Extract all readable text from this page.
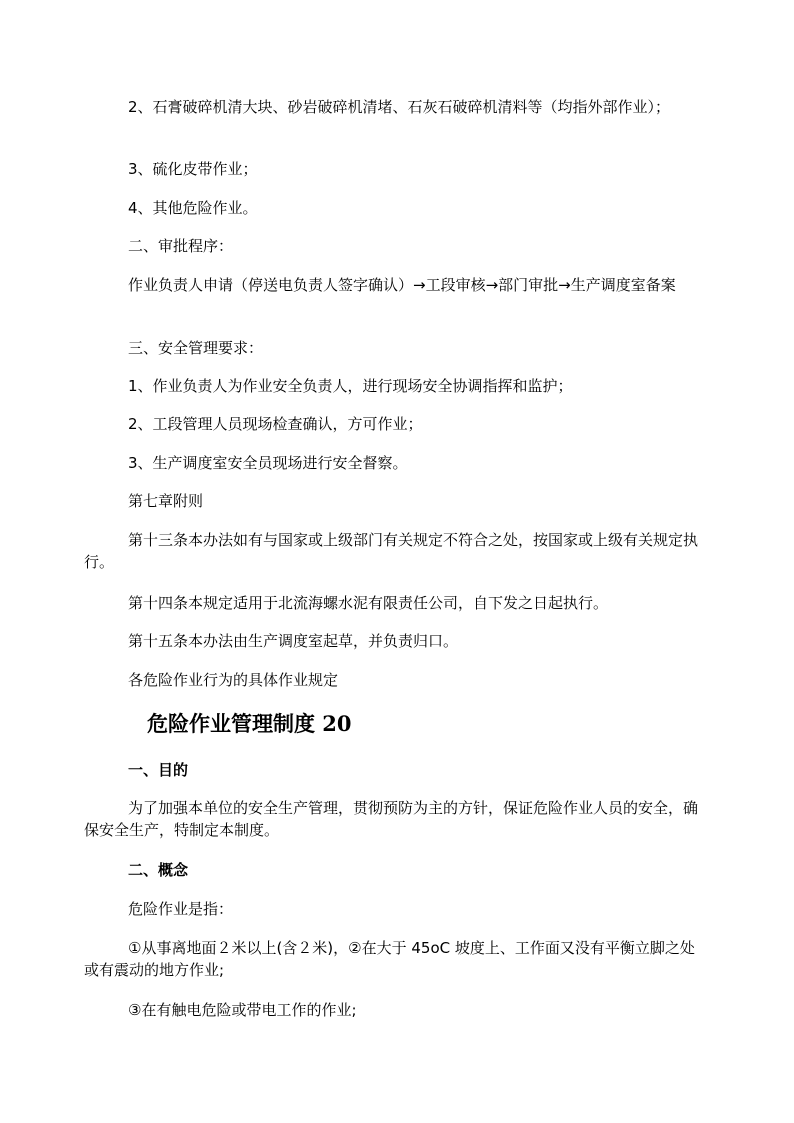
2、石膏破碎机清大块、砂岩破碎机清堵、石灰石破碎机清料等（均指外部作业）；

3、硫化皮带作业；

4、其他危险作业。

二、审批程序：

作业负责人申请（停送电负责人签字确认）→工段审核→部门审批→生产调度室备案

三、安全管理要求：

1、作业负责人为作业安全负责人，进行现场安全协调指挥和监护；

2、工段管理人员现场检查确认，方可作业；

3、生产调度室安全员现场进行安全督察。

第七章附则

第十三条本办法如有与国家或上级部门有关规定不符合之处，按国家或上级有关规定执行。

第十四条本规定适用于北流海螺水泥有限责任公司，自下发之日起执行。

第十五条本办法由生产调度室起草，并负责归口。

各危险作业行为的具体作业规定

危险作业管理制度 20

一、目的

为了加强本单位的安全生产管理，贯彻预防为主的方针，保证危险作业人员的安全，确保安全生产，特制定本制度。

二、概念

危险作业是指：

①从事离地面２米以上(含２米)，②在大于 45oC 坡度上、工作面又没有平衡立脚之处或有震动的地方作业;

③在有触电危险或带电工作的作业;
